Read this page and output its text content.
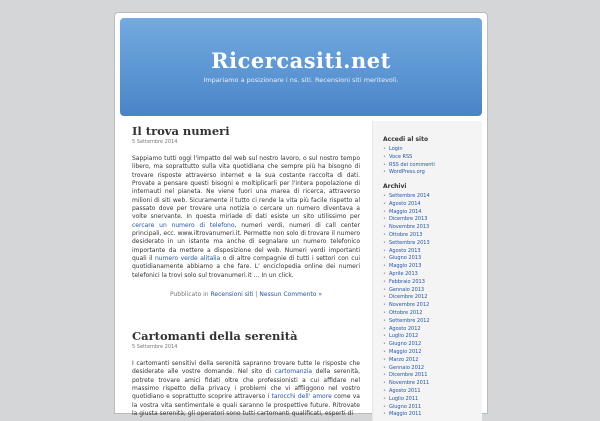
Ricercasiti.net
Impariamo a posizionare i ns. siti. Recensioni siti meritevoli.
Il trova numeri
5 Settembre 2014
Sappiamo tutti oggi l'impatto del web sul nostro lavoro, o sul nostro tempo libero, ma soprattutto sulla vita quotidiana che sempre più ha bisogno di trovare risposte attraverso internet e la sua costante raccolta di dati. Provate a pensare questi bisogni e moltiplicarli per l'intera popolazione di internauti nel pianeta. Ne viene fuori una marea di ricerca, attraverso milioni di siti web. Sicuramente il tutto ci rende la vita più facile rispetto al passato dove per trovare una notizia o cercare un numero diventava a volte snervante. In questa miriade di dati esiste un sito utilissimo per cercare un numero di telefono, numeri verdi, numeri di call center principali, ecc. www.iltrovanumeri.it. Permette non solo di trovare il numero desiderato in un istante ma anche di segnalare un numero telefonico importante da mettere a disposizione del web. Numeri verdi importanti quali il numero verde alitalia o di altre compagnie di tutti i settori con cui quotidianamente abbiamo a che fare. L' enciclopedia online dei numeri telefonici la trovi solo sul trovanumeri.it … In un click.
Pubblicato in Recensioni siti | Nessun Commento »
Cartomanti della serenità
5 Settembre 2014
I cartomanti sensitivi della serenità sapranno trovare tutte le risposte che desiderate alle vostre domande. Nel sito di cartomanzia della serenità, potrete trovare amici fidati oltre che professionisti a cui affidare nel massimo rispetto della privacy i problemi che vi affliggono nel vostro quotidiano e soprattutto scoprire attraverso i tarocchi dell' amore come va la vostra vita sentimentale e quali saranno le prospettive future. Ritrovate la giusta serenità; gli operatori sono tutti cartomanti qualificati, esperti di
Accedi al sito
• Login
• Voce RSS
• RSS dei commenti
• WordPress.org
Archivi
• Settembre 2014
• Agosto 2014
• Maggio 2014
• Dicembre 2013
• Novembre 2013
• Ottobre 2013
• Settembre 2013
• Agosto 2013
• Giugno 2013
• Maggio 2013
• Aprile 2013
• Febbraio 2013
• Gennaio 2013
• Dicembre 2012
• Novembre 2012
• Ottobre 2012
• Settembre 2012
• Agosto 2012
• Luglio 2012
• Giugno 2012
• Maggio 2012
• Marzo 2012
• Gennaio 2012
• Dicembre 2011
• Novembre 2011
• Agosto 2011
• Luglio 2011
• Giugno 2011
• Maggio 2011
